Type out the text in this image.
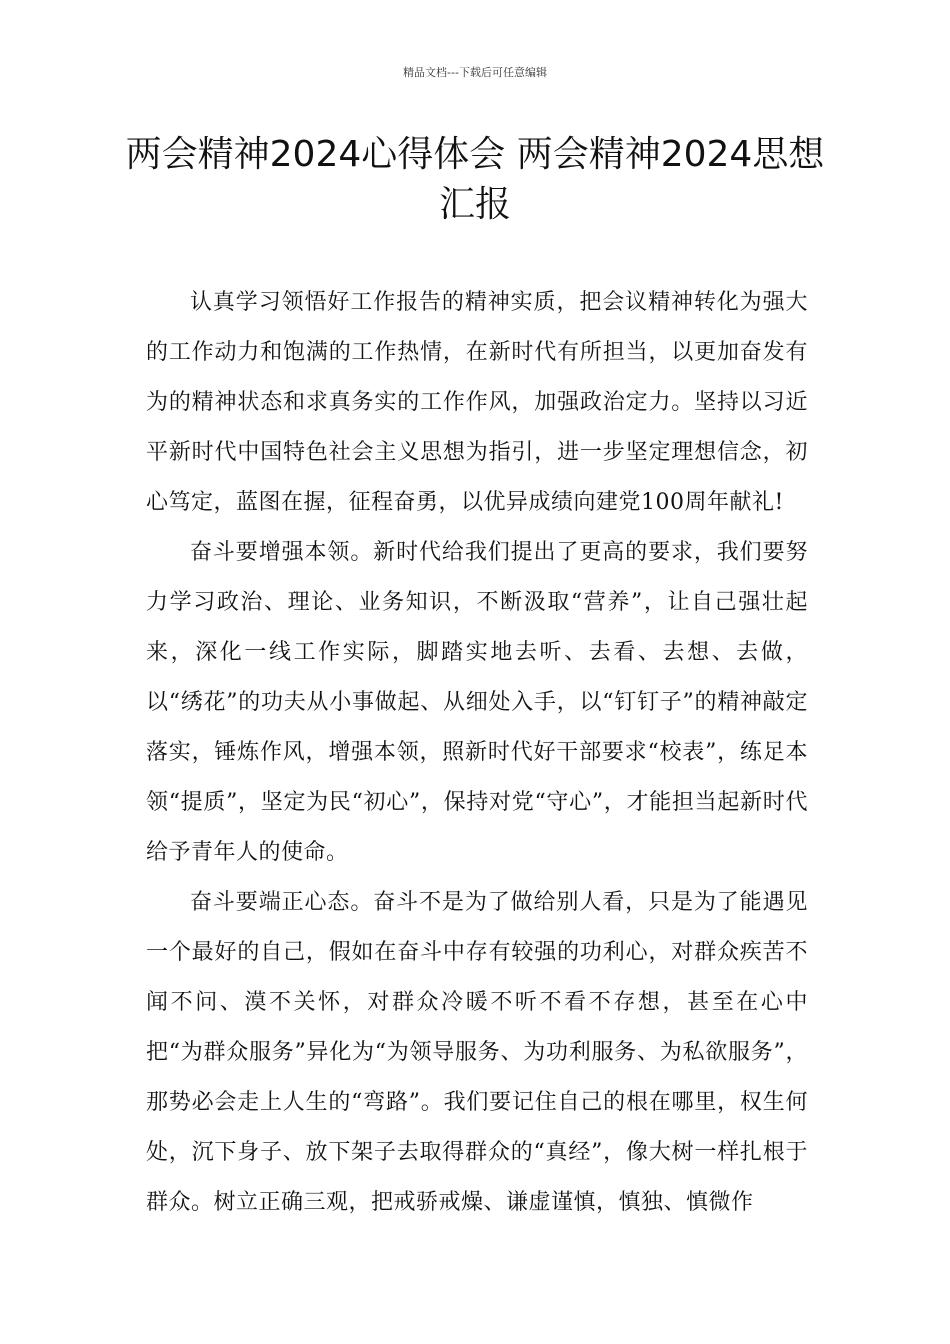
精品文档---下载后可任意编辑
两会精神2024心得体会 两会精神2024思想汇报

认真学习领悟好工作报告的精神实质，把会议精神转化为强大的工作动力和饱满的工作热情，在新时代有所担当，以更加奋发有为的精神状态和求真务实的工作作风，加强政治定力。坚持以习近平新时代中国特色社会主义思想为指引，进一步坚定理想信念，初心笃定，蓝图在握，征程奋勇，以优异成绩向建党100周年献礼!

奋斗要增强本领。新时代给我们提出了更高的要求，我们要努力学习政治、理论、业务知识，不断汲取“营养”，让自己强壮起来，深化一线工作实际，脚踏实地去听、去看、去想、去做，以“绣花”的功夫从小事做起、从细处入手，以“钉钉子”的精神敲定落实，锤炼作风，增强本领，照新时代好干部要求“校表”，练足本领“提质”，坚定为民“初心”，保持对党“守心”，才能担当起新时代给予青年人的使命。

奋斗要端正心态。奋斗不是为了做给别人看，只是为了能遇见一个最好的自己，假如在奋斗中存有较强的功利心，对群众疾苦不闻不问、漠不关怀，对群众冷暖不听不看不存想，甚至在心中把“为群众服务”异化为“为领导服务、为功利服务、为私欲服务”，那势必会走上人生的“弯路”。我们要记住自己的根在哪里，权生何处，沉下身子、放下架子去取得群众的“真经”，像大树一样扎根于群众。树立正确三观，把戒骄戒燥、谦虚谨慎，慎独、慎微作
